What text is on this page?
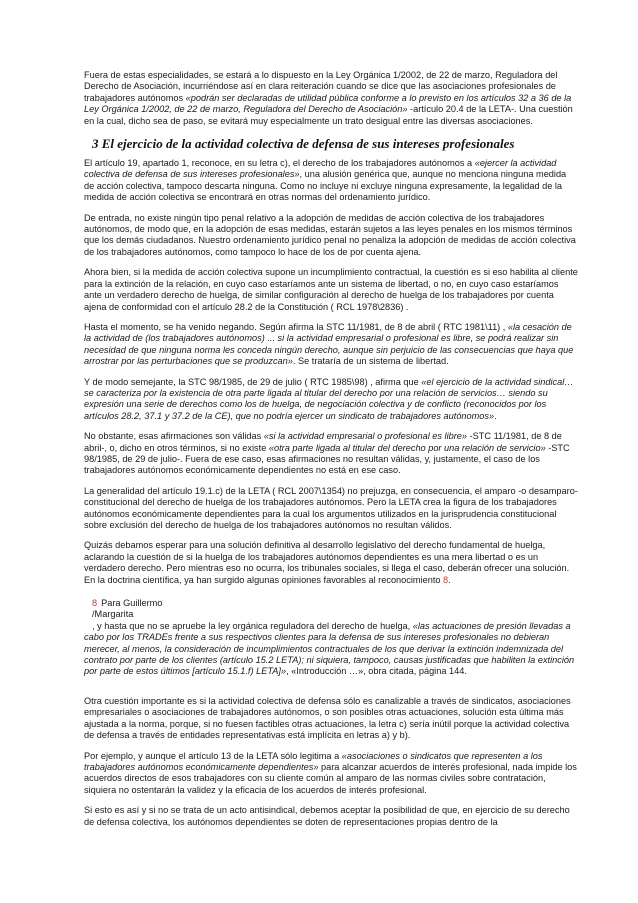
Fuera de estas especialidades, se estará a lo dispuesto en la Ley Orgánica 1/2002, de 22 de marzo, Reguladora del Derecho de Asociación, incurriéndose así en clara reiteración cuando se dice que las asociaciones profesionales de trabajadores autónomos «podrán ser declaradas de utilidad pública conforme a lo previsto en los artículos 32 a 36 de la Ley Orgánica 1/2002, de 22 de marzo, Reguladora del Derecho de Asociación» -artículo 20.4 de la LETA-. Una cuestión en la cual, dicho sea de paso, se evitará muy especialmente un trato desigual entre las diversas asociaciones.

3 El ejercicio de la actividad colectiva de defensa de sus intereses profesionales

El artículo 19, apartado 1, reconoce, en su letra c), el derecho de los trabajadores autónomos a «ejercer la actividad colectiva de defensa de sus intereses profesionales», una alusión genérica que, aunque no menciona ninguna medida de acción colectiva, tampoco descarta ninguna. Como no incluye ni excluye ninguna expresamente, la legalidad de la medida de acción colectiva se encontrará en otras normas del ordenamiento jurídico.

De entrada, no existe ningún tipo penal relativo a la adopción de medidas de acción colectiva de los trabajadores autónomos, de modo que, en la adopción de esas medidas, estarán sujetos a las leyes penales en los mismos términos que los demás ciudadanos. Nuestro ordenamiento jurídico penal no penaliza la adopción de medidas de acción colectiva de los trabajadores autónomos, como tampoco lo hace de los de por cuenta ajena.

Ahora bien, si la medida de acción colectiva supone un incumplimiento contractual, la cuestión es si eso habilita al cliente para la extinción de la relación, en cuyo caso estaríamos ante un sistema de libertad, o no, en cuyo caso estaríamos ante un verdadero derecho de huelga, de similar configuración al derecho de huelga de los trabajadores por cuenta ajena de conformidad con el artículo 28.2 de la Constitución ( RCL 1978\2836) .

Hasta el momento, se ha venido negando. Según afirma la STC 11/1981, de 8 de abril ( RTC 1981\11) , «la cesación de la actividad de (los trabajadores autónomos) ... si la actividad empresarial o profesional es libre, se podrá realizar sin necesidad de que ninguna norma les conceda ningún derecho, aunque sin perjuicio de las consecuencias que haya que arrostrar por las perturbaciones que se produzcan». Se trataría de un sistema de libertad.

Y de modo semejante, la STC 98/1985, de 29 de julio ( RTC 1985\98) , afirma que «el ejercicio de la actividad sindical… se caracteriza por la existencia de otra parte ligada al titular del derecho por una relación de servicios… siendo su expresión una serie de derechos como los de huelga, de negociación colectiva y de conflicto (reconocidos por los artículos 28.2, 37.1 y 37.2 de la CE), que no podría ejercer un sindicato de trabajadores autónomos».

No obstante, esas afirmaciones son válidas «si la actividad empresarial o profesional es libre» -STC 11/1981, de 8 de abril-, o, dicho en otros términos, si no existe «otra parte ligada al titular del derecho por una relación de servicio» -STC 98/1985, de 29 de julio-. Fuera de ese caso, esas afirmaciones no resultan válidas, y, justamente, el caso de los trabajadores autónomos económicamente dependientes no está en ese caso.

La generalidad del artículo 19.1.c) de la LETA ( RCL 2007\1354) no prejuzga, en consecuencia, el amparo -o desamparo- constitucional del derecho de huelga de los trabajadores autónomos. Pero la LETA crea la figura de los trabajadores autónomos económicamente dependientes para la cual los argumentos utilizados en la jurisprudencia constitucional sobre exclusión del derecho de huelga de los trabajadores autónomos no resultan válidos.

Quizás debamos esperar para una solución definitiva al desarrollo legislativo del derecho fundamental de huelga, aclarando la cuestión de si la huelga de los trabajadores autónomos dependientes es una mera libertad o es un verdadero derecho. Pero mientras eso no ocurra, los tribunales sociales, si llega el caso, deberán ofrecer una solución. En la doctrina científica, ya han surgido algunas opiniones favorables al reconocimiento 8.

8 Para Guillermo
/Margarita
, y hasta que no se apruebe la ley orgánica reguladora del derecho de huelga, «las actuaciones de presión llevadas a cabo por los TRADEs frente a sus respectivos clientes para la defensa de sus intereses profesionales no debieran merecer, al menos, la consideración de incumplimientos contractuales de los que derivar la extinción indemnizada del contrato por parte de los clientes (artículo 15.2 LETA); ni siquiera, tampoco, causas justificadas que habiliten la extinción por parte de estos últimos [artículo 15.1.f) LETA]», «Introducción …», obra citada, página 144.

Otra cuestión importante es si la actividad colectiva de defensa sólo es canalizable a través de sindicatos, asociaciones empresariales o asociaciones de trabajadores autónomos, o son posibles otras actuaciones, solución esta última más ajustada a la norma, porque, si no fuesen factibles otras actuaciones, la letra c) sería inútil porque la actividad colectiva de defensa a través de entidades representativas está implícita en letras a) y b).

Por ejemplo, y aunque el artículo 13 de la LETA sólo legitima a «asociaciones o sindicatos que representen a los trabajadores autónomos económicamente dependientes» para alcanzar acuerdos de interés profesional, nada impide los acuerdos directos de esos trabajadores con su cliente común al amparo de las normas civiles sobre contratación, siquiera no ostentarán la validez y la eficacia de los acuerdos de interés profesional.

Si esto es así y si no se trata de un acto antisindical, debemos aceptar la posibilidad de que, en ejercicio de su derecho de defensa colectiva, los autónomos dependientes se doten de representaciones propias dentro de la
